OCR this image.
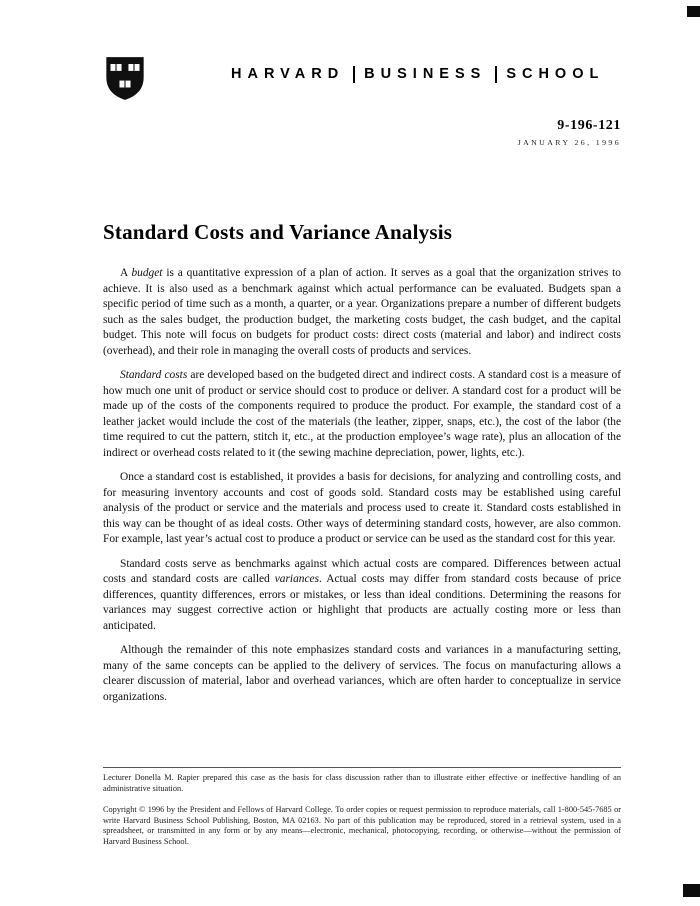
HARVARD BUSINESS SCHOOL
9-196-121
JANUARY 26, 1996
Standard Costs and Variance Analysis

A budget is a quantitative expression of a plan of action. It serves as a goal that the organization strives to achieve. It is also used as a benchmark against which actual performance can be evaluated. Budgets span a specific period of time such as a month, a quarter, or a year. Organizations prepare a number of different budgets such as the sales budget, the production budget, the marketing costs budget, the cash budget, and the capital budget. This note will focus on budgets for product costs: direct costs (material and labor) and indirect costs (overhead), and their role in managing the overall costs of products and services.

Standard costs are developed based on the budgeted direct and indirect costs. A standard cost is a measure of how much one unit of product or service should cost to produce or deliver. A standard cost for a product will be made up of the costs of the components required to produce the product. For example, the standard cost of a leather jacket would include the cost of the materials (the leather, zipper, snaps, etc.), the cost of the labor (the time required to cut the pattern, stitch it, etc., at the production employee’s wage rate), plus an allocation of the indirect or overhead costs related to it (the sewing machine depreciation, power, lights, etc.).

Once a standard cost is established, it provides a basis for decisions, for analyzing and controlling costs, and for measuring inventory accounts and cost of goods sold. Standard costs may be established using careful analysis of the product or service and the materials and process used to create it. Standard costs established in this way can be thought of as ideal costs. Other ways of determining standard costs, however, are also common. For example, last year’s actual cost to produce a product or service can be used as the standard cost for this year.

Standard costs serve as benchmarks against which actual costs are compared. Differences between actual costs and standard costs are called variances. Actual costs may differ from standard costs because of price differences, quantity differences, errors or mistakes, or less than ideal conditions. Determining the reasons for variances may suggest corrective action or highlight that products are actually costing more or less than anticipated.

Although the remainder of this note emphasizes standard costs and variances in a manufacturing setting, many of the same concepts can be applied to the delivery of services. The focus on manufacturing allows a clearer discussion of material, labor and overhead variances, which are often harder to conceptualize in service organizations.

Lecturer Donella M. Rapier prepared this case as the basis for class discussion rather than to illustrate either effective or ineffective handling of an administrative situation.

Copyright © 1996 by the President and Fellows of Harvard College. To order copies or request permission to reproduce materials, call 1-800-545-7685 or write Harvard Business School Publishing, Boston, MA 02163. No part of this publication may be reproduced, stored in a retrieval system, used in a spreadsheet, or transmitted in any form or by any means—electronic, mechanical, photocopying, recording, or otherwise—without the permission of Harvard Business School.
